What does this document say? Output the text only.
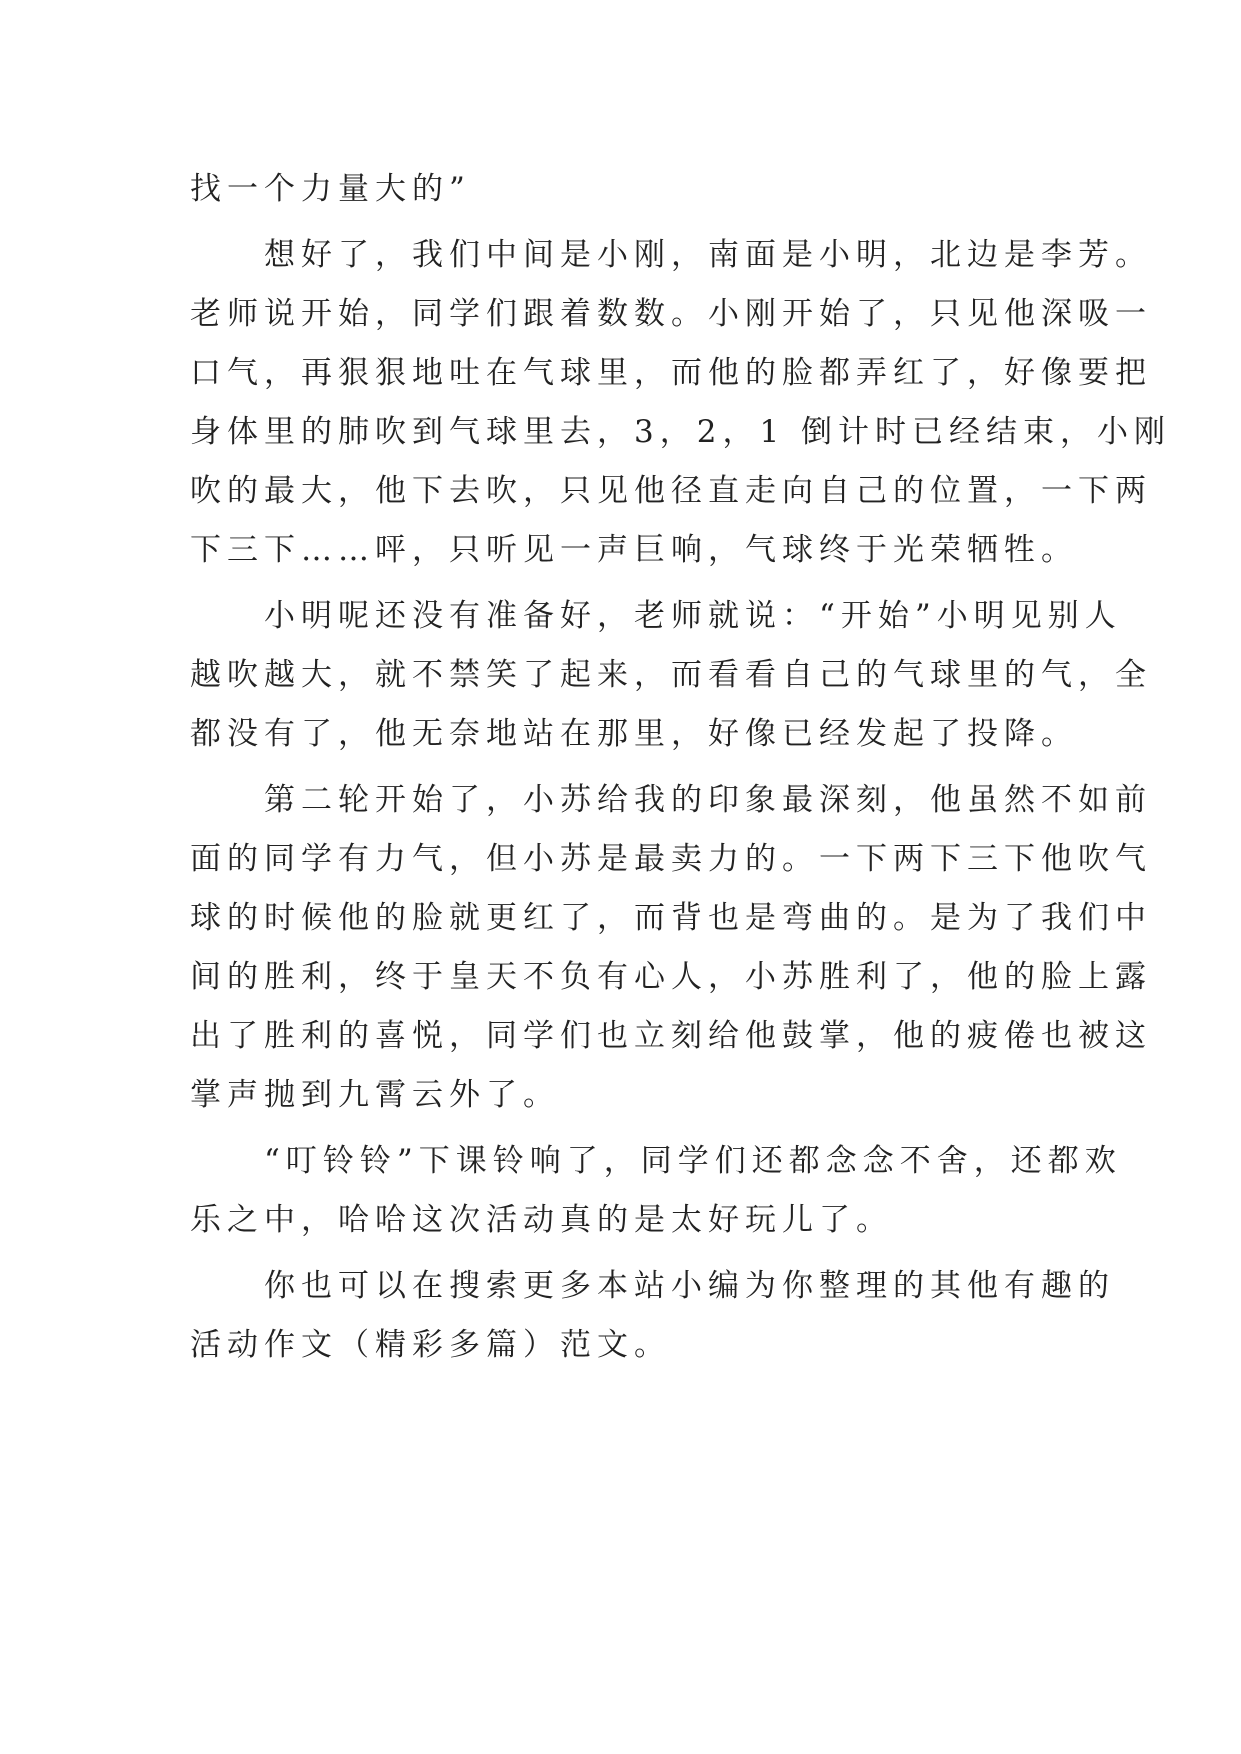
找一个力量大的”
　　想好了，我们中间是小刚，南面是小明，北边是李芳。
老师说开始，同学们跟着数数。小刚开始了，只见他深吸一
口气，再狠狠地吐在气球里，而他的脸都弄红了，好像要把
身体里的肺吹到气球里去，3，2，1 倒计时已经结束，小刚
吹的最大，他下去吹，只见他径直走向自己的位置，一下两
下三下……呯，只听见一声巨响，气球终于光荣牺牲。
　　小明呢还没有准备好，老师就说：“开始”小明见别人
越吹越大，就不禁笑了起来，而看看自己的气球里的气，全
都没有了，他无奈地站在那里，好像已经发起了投降。
　　第二轮开始了，小苏给我的印象最深刻，他虽然不如前
面的同学有力气，但小苏是最卖力的。一下两下三下他吹气
球的时候他的脸就更红了，而背也是弯曲的。是为了我们中
间的胜利，终于皇天不负有心人，小苏胜利了，他的脸上露
出了胜利的喜悦，同学们也立刻给他鼓掌，他的疲倦也被这
掌声抛到九霄云外了。
　　“叮铃铃”下课铃响了，同学们还都念念不舍，还都欢
乐之中，哈哈这次活动真的是太好玩儿了。
　　你也可以在搜索更多本站小编为你整理的其他有趣的
活动作文（精彩多篇）范文。
